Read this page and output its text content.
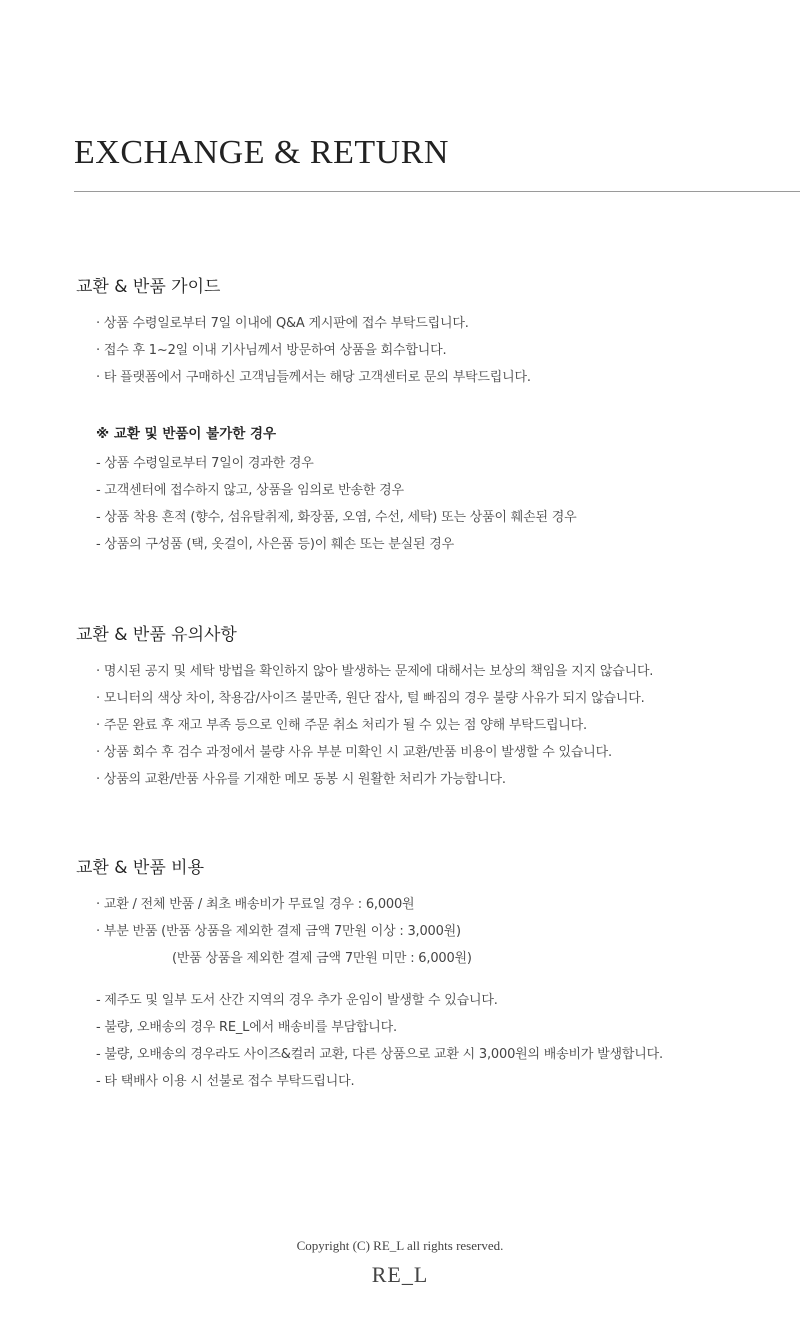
EXCHANGE & RETURN
교환 & 반품 가이드
· 상품 수령일로부터 7일 이내에 Q&A 게시판에 접수 부탁드립니다.
· 접수 후 1~2일 이내 기사님께서 방문하여 상품을 회수합니다.
· 타 플랫폼에서 구매하신 고객님들께서는 해당 고객센터로 문의 부탁드립니다.
※ 교환 및 반품이 불가한 경우
- 상품 수령일로부터 7일이 경과한 경우
- 고객센터에 접수하지 않고, 상품을 임의로 반송한 경우
- 상품 착용 흔적 (향수, 섬유탈취제, 화장품, 오염, 수선, 세탁) 또는 상품이 훼손된 경우
- 상품의 구성품 (택, 옷걸이, 사은품 등)이 훼손 또는 분실된 경우
교환 & 반품 유의사항
· 명시된 공지 및 세탁 방법을 확인하지 않아 발생하는 문제에 대해서는 보상의 책임을 지지 않습니다.
· 모니터의 색상 차이, 착용감/사이즈 불만족, 원단 잡사, 털 빠짐의 경우 불량 사유가 되지 않습니다.
· 주문 완료 후 재고 부족 등으로 인해 주문 취소 처리가 될 수 있는 점 양해 부탁드립니다.
· 상품 회수 후 검수 과정에서 불량 사유 부분 미확인 시 교환/반품 비용이 발생할 수 있습니다.
· 상품의 교환/반품 사유를 기재한 메모 동봉 시 원활한 처리가 가능합니다.
교환 & 반품 비용
· 교환 / 전체 반품 / 최초 배송비가 무료일 경우 : 6,000원
· 부분 반품 (반품 상품을 제외한 결제 금액 7만원 이상 : 3,000원)
(반품 상품을 제외한 결제 금액 7만원 미만 : 6,000원)
- 제주도 및 일부 도서 산간 지역의 경우 추가 운임이 발생할 수 있습니다.
- 불량, 오배송의 경우 RE_L에서 배송비를 부담합니다.
- 불량, 오배송의 경우라도 사이즈&컬러 교환, 다른 상품으로 교환 시 3,000원의 배송비가 발생합니다.
- 타 택배사 이용 시 선불로 접수 부탁드립니다.
Copyright (C) RE_L all rights reserved.
RE_L
